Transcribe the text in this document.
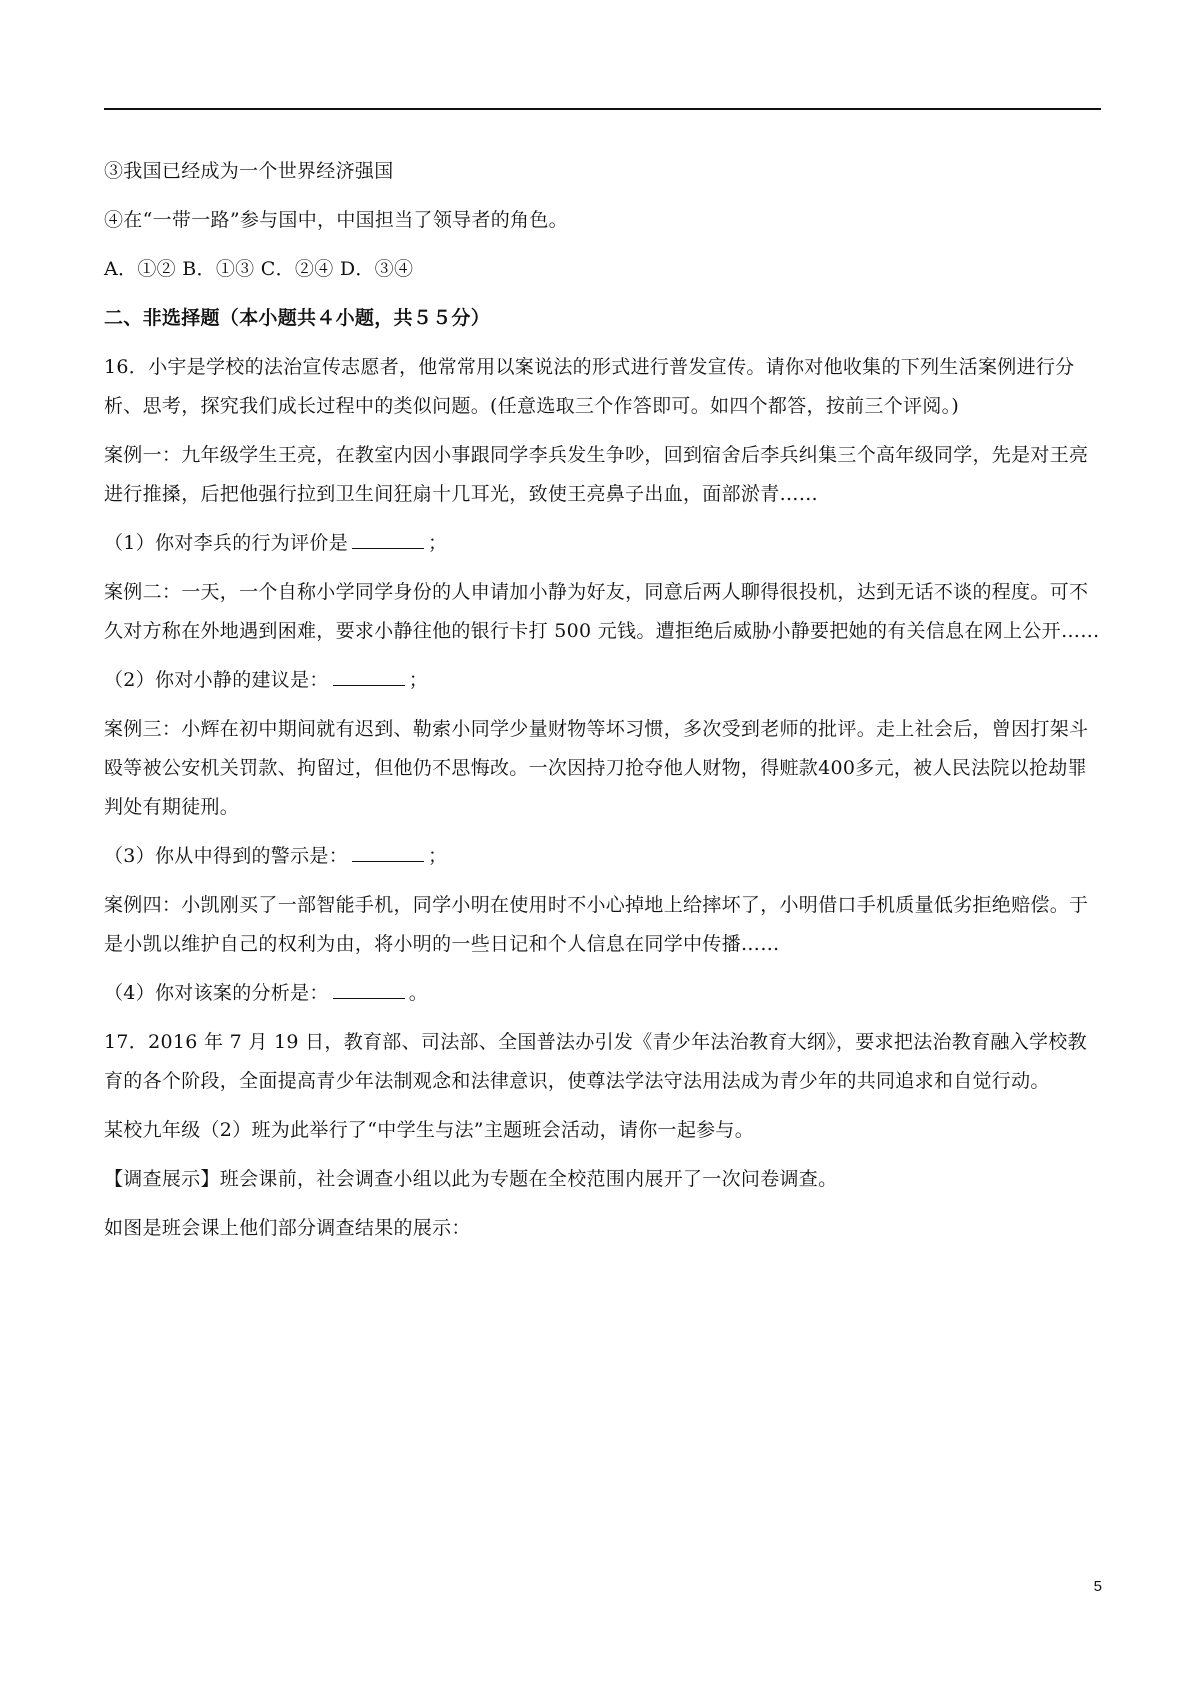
③我国已经成为一个世界经济强国

④在“一带一路”参与国中，中国担当了领导者的角色。

A．①② B．①③ C．②④ D．③④

二、非选择题（本小题共４小题，共５５分）

16．小宇是学校的法治宣传志愿者，他常常用以案说法的形式进行普发宣传。请你对他收集的下列生活案例进行分析、思考，探究我们成长过程中的类似问题。(任意选取三个作答即可。如四个都答，按前三个评阅。)

案例一：九年级学生王亮，在教室内因小事跟同学李兵发生争吵，回到宿舍后李兵纠集三个高年级同学，先是对王亮进行推搡，后把他强行拉到卫生间狂扇十几耳光，致使王亮鼻子出血，面部淤青……

（1）你对李兵的行为评价是	；

案例二：一天，一个自称小学同学身份的人申请加小静为好友，同意后两人聊得很投机，达到无话不谈的程度。可不久对方称在外地遇到困难，要求小静往他的银行卡打 500 元钱。遭拒绝后威胁小静要把她的有关信息在网上公开……

（2）你对小静的建议是：	；

案例三：小辉在初中期间就有迟到、勒索小同学少量财物等坏习惯，多次受到老师的批评。走上社会后，曾因打架斗殴等被公安机关罚款、拘留过，但他仍不思悔改。一次因持刀抢夺他人财物，得赃款400多元，被人民法院以抢劫罪判处有期徒刑。

（3）你从中得到的警示是：	；

案例四：小凯刚买了一部智能手机，同学小明在使用时不小心掉地上给摔坏了，小明借口手机质量低劣拒绝赔偿。于是小凯以维护自己的权利为由，将小明的一些日记和个人信息在同学中传播……

（4）你对该案的分析是：	。

17．2016 年 7 月 19 日，教育部、司法部、全国普法办引发《青少年法治教育大纲》，要求把法治教育融入学校教育的各个阶段，全面提高青少年法制观念和法律意识，使尊法学法守法用法成为青少年的共同追求和自觉行动。

某校九年级（2）班为此举行了“中学生与法”主题班会活动，请你一起参与。

【调查展示】班会课前，社会调查小组以此为专题在全校范围内展开了一次问卷调查。

如图是班会课上他们部分调查结果的展示：

5
